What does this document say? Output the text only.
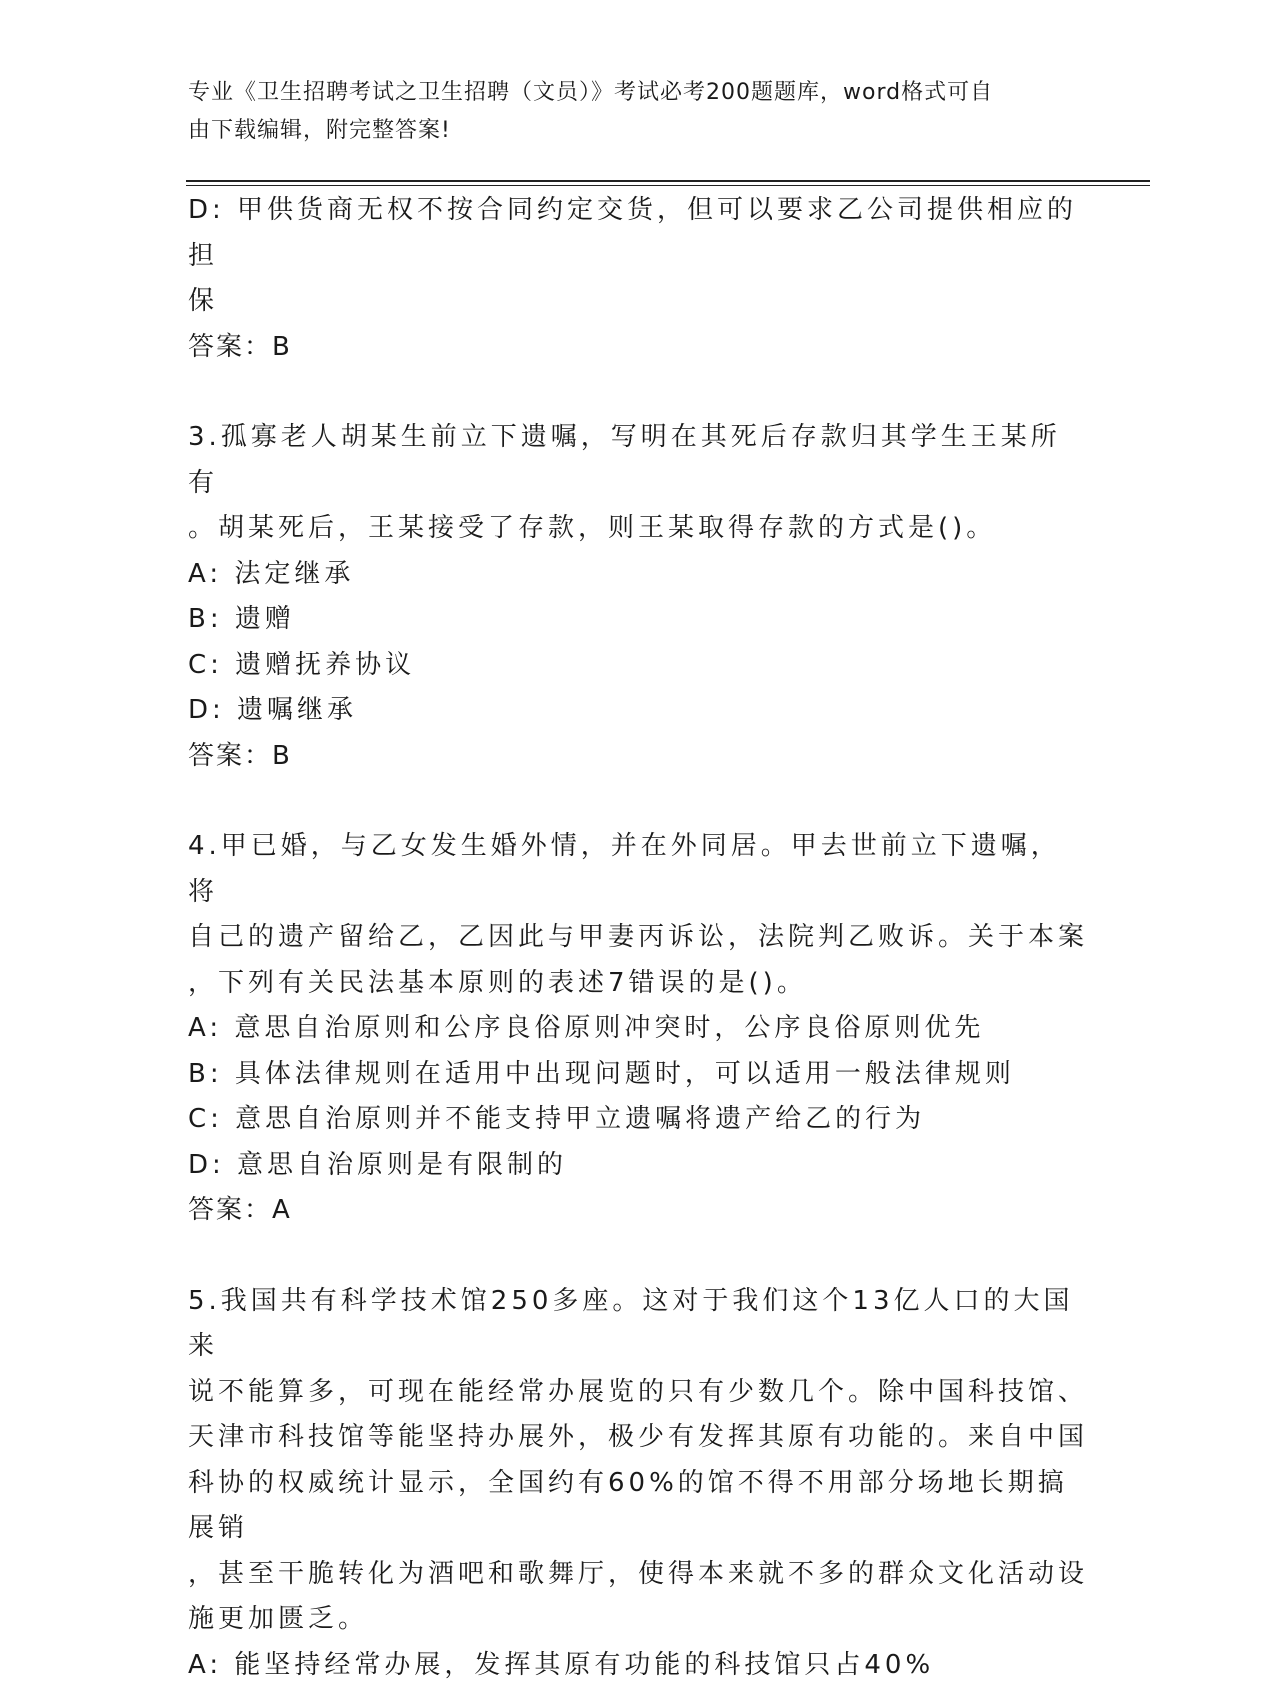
专业《卫生招聘考试之卫生招聘（文员）》考试必考200题题库，word格式可自
由下载编辑，附完整答案!

D: 甲供货商无权不按合同约定交货，但可以要求乙公司提供相应的担

保

答案：B

3.孤寡老人胡某生前立下遗嘱，写明在其死后存款归其学生王某所有

。胡某死后，王某接受了存款，则王某取得存款的方式是()。

A: 法定继承

B: 遗赠

C: 遗赠抚养协议

D: 遗嘱继承

答案：B

4.甲已婚，与乙女发生婚外情，并在外同居。甲去世前立下遗嘱，将

自己的遗产留给乙，乙因此与甲妻丙诉讼，法院判乙败诉。关于本案

，下列有关民法基本原则的表述7错误的是()。

A: 意思自治原则和公序良俗原则冲突时，公序良俗原则优先

B: 具体法律规则在适用中出现问题时，可以适用一般法律规则

C: 意思自治原则并不能支持甲立遗嘱将遗产给乙的行为

D: 意思自治原则是有限制的

答案：A

5.我国共有科学技术馆250多座。这对于我们这个13亿人口的大国来

说不能算多，可现在能经常办展览的只有少数几个。除中国科技馆、

天津市科技馆等能坚持办展外，极少有发挥其原有功能的。来自中国

科协的权威统计显示，全国约有60%的馆不得不用部分场地长期搞展销

，甚至干脆转化为酒吧和歌舞厅，使得本来就不多的群众文化活动设

施更加匮乏。

A: 能坚持经常办展，发挥其原有功能的科技馆只占40%
